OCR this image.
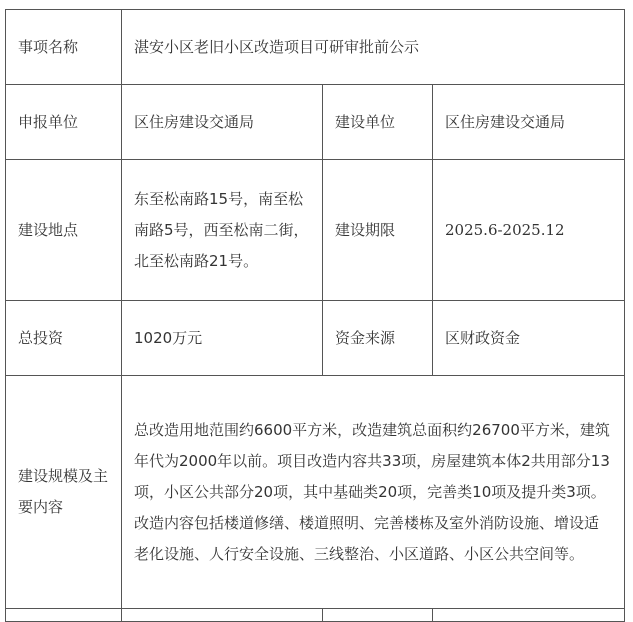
事项名称	湛安小区老旧小区改造项目可研审批前公示		
申报单位	区住房建设交通局	建设单位	区住房建设交通局
建设地点	东至松南路15号，南至松南路5号，西至松南二街，北至松南路21号。	建设期限	2025.6-2025.12
总投资	1020万元	资金来源	区财政资金
建设规模及主要内容	总改造用地范围约6600平方米，改造建筑总面积约26700平方米，建筑年代为2000年以前。项目改造内容共33项，房屋建筑本体2共用部分13项，小区公共部分20项，其中基础类20项，完善类10项及提升类3项。改造内容包括楼道修缮、楼道照明、完善楼栋及室外消防设施、增设适老化设施、人行安全设施、三线整治、小区道路、小区公共空间等。		
